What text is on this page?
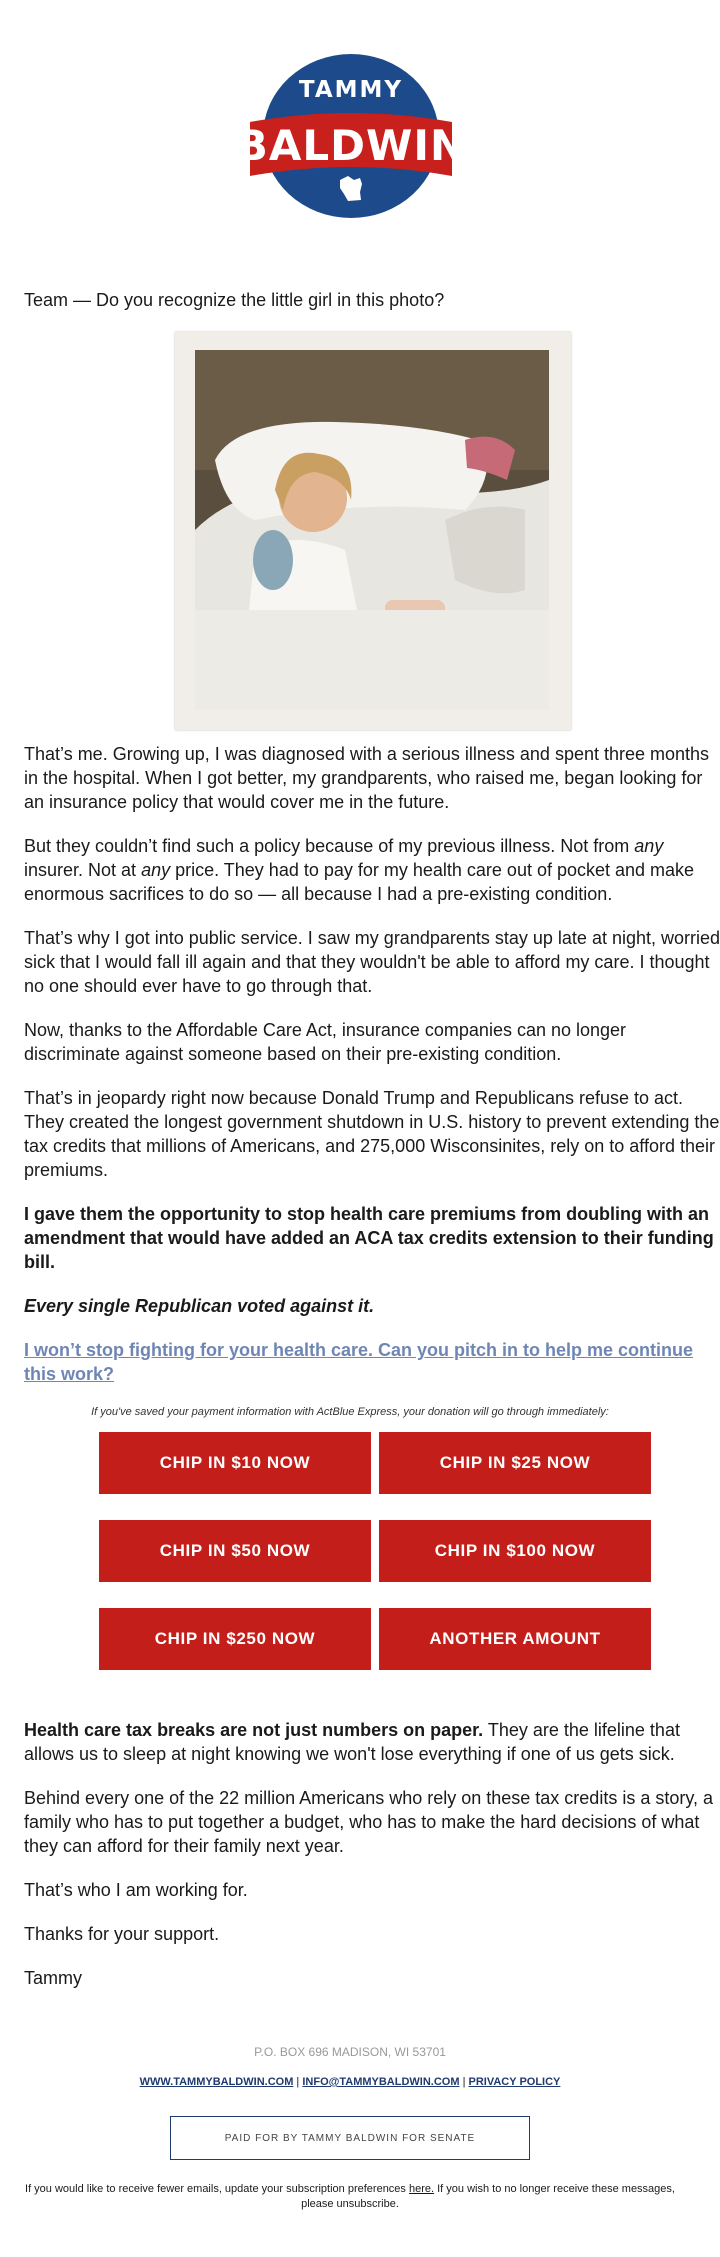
TAMMY
BALDWIN

Team — Do you recognize the little girl in this photo?

That’s me. Growing up, I was diagnosed with a serious illness and spent three months
in the hospital. When I got better, my grandparents, who raised me, began looking for
an insurance policy that would cover me in the future.

But they couldn’t find such a policy because of my previous illness. Not from any
insurer. Not at any price. They had to pay for my health care out of pocket and make
enormous sacrifices to do so — all because I had a pre-existing condition.

That’s why I got into public service. I saw my grandparents stay up late at night, worried
sick that I would fall ill again and that they wouldn't be able to afford my care. I thought
no one should ever have to go through that.

Now, thanks to the Affordable Care Act, insurance companies can no longer
discriminate against someone based on their pre-existing condition.

That’s in jeopardy right now because Donald Trump and Republicans refuse to act.
They created the longest government shutdown in U.S. history to prevent extending the
tax credits that millions of Americans, and 275,000 Wisconsinites, rely on to afford their
premiums.

I gave them the opportunity to stop health care premiums from doubling with an
amendment that would have added an ACA tax credits extension to their funding
bill.

Every single Republican voted against it.

I won’t stop fighting for your health care. Can you pitch in to help me continue
this work?

If you've saved your payment information with ActBlue Express, your donation will go through immediately:
CHIP IN $10 NOW	CHIP IN $25 NOW
CHIP IN $50 NOW	CHIP IN $100 NOW
CHIP IN $250 NOW	ANOTHER AMOUNT

Health care tax breaks are not just numbers on paper. They are the lifeline that
allows us to sleep at night knowing we won't lose everything if one of us gets sick.

Behind every one of the 22 million Americans who rely on these tax credits is a story, a
family who has to put together a budget, who has to make the hard decisions of what
they can afford for their family next year.

That’s who I am working for.

Thanks for your support.

Tammy

P.O. BOX 696 MADISON, WI 53701
WWW.TAMMYBALDWIN.COM | INFO@TAMMYBALDWIN.COM | PRIVACY POLICY
PAID FOR BY TAMMY BALDWIN FOR SENATE
If you would like to receive fewer emails, update your subscription preferences here. If you wish to no longer receive these messages,
please unsubscribe.
